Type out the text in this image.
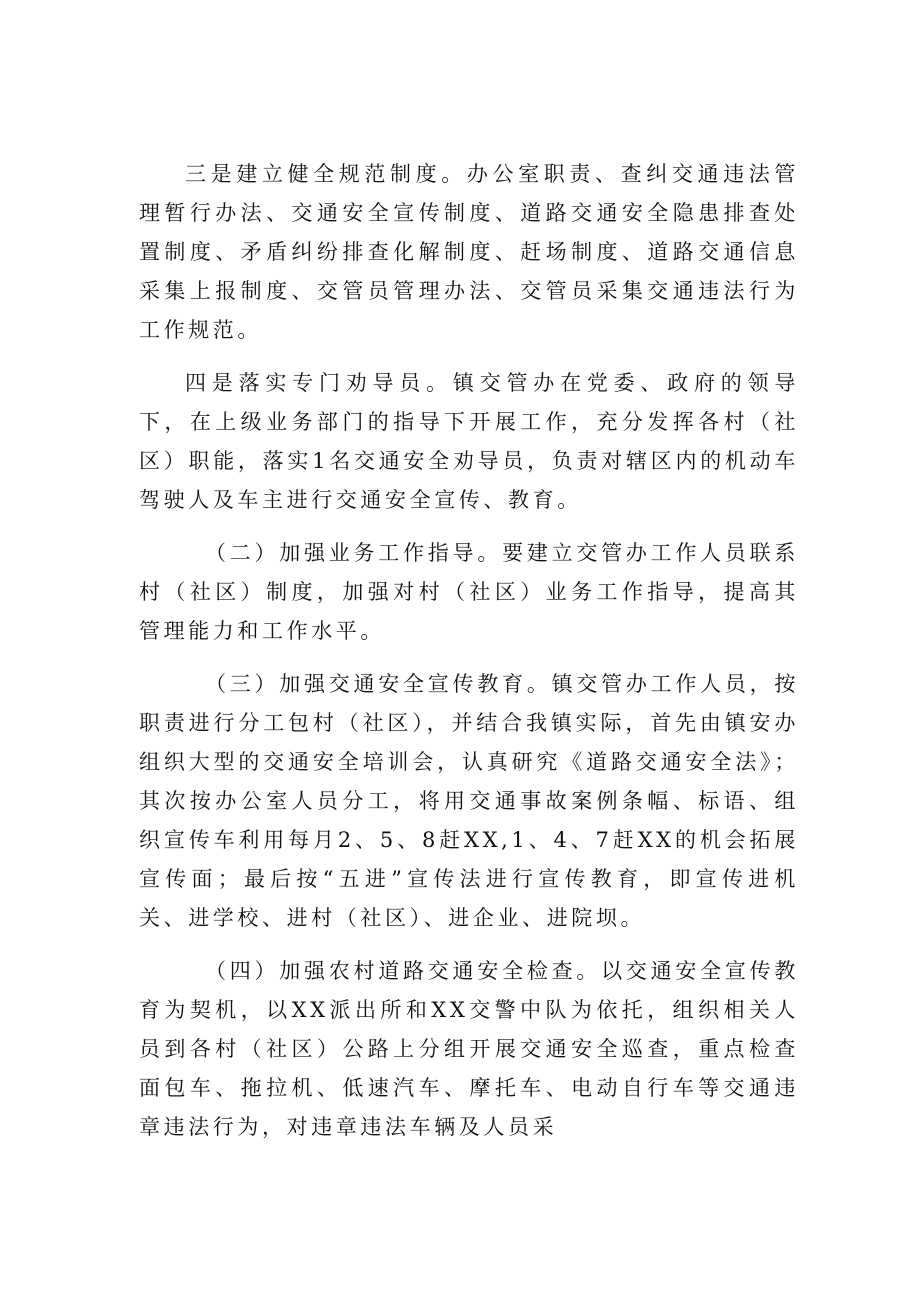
三是建立健全规范制度。办公室职责、查纠交通违法管理暂行办法、交通安全宣传制度、道路交通安全隐患排查处置制度、矛盾纠纷排查化解制度、赶场制度、道路交通信息采集上报制度、交管员管理办法、交管员采集交通违法行为工作规范。

四是落实专门劝导员。镇交管办在党委、政府的领导下，在上级业务部门的指导下开展工作，充分发挥各村（社区）职能，落实1名交通安全劝导员，负责对辖区内的机动车驾驶人及车主进行交通安全宣传、教育。

（二）加强业务工作指导。要建立交管办工作人员联系村（社区）制度，加强对村（社区）业务工作指导，提高其管理能力和工作水平。

（三）加强交通安全宣传教育。镇交管办工作人员，按职责进行分工包村（社区），并结合我镇实际，首先由镇安办组织大型的交通安全培训会，认真研究《道路交通安全法》；其次按办公室人员分工，将用交通事故案例条幅、标语、组织宣传车利用每月2、5、8赶XX,1、4、7赶XX的机会拓展宣传面；最后按“五进”宣传法进行宣传教育，即宣传进机关、进学校、进村（社区）、进企业、进院坝。

（四）加强农村道路交通安全检查。以交通安全宣传教育为契机，以XX派出所和XX交警中队为依托，组织相关人员到各村（社区）公路上分组开展交通安全巡查，重点检查面包车、拖拉机、低速汽车、摩托车、电动自行车等交通违章违法行为，对违章违法车辆及人员采
